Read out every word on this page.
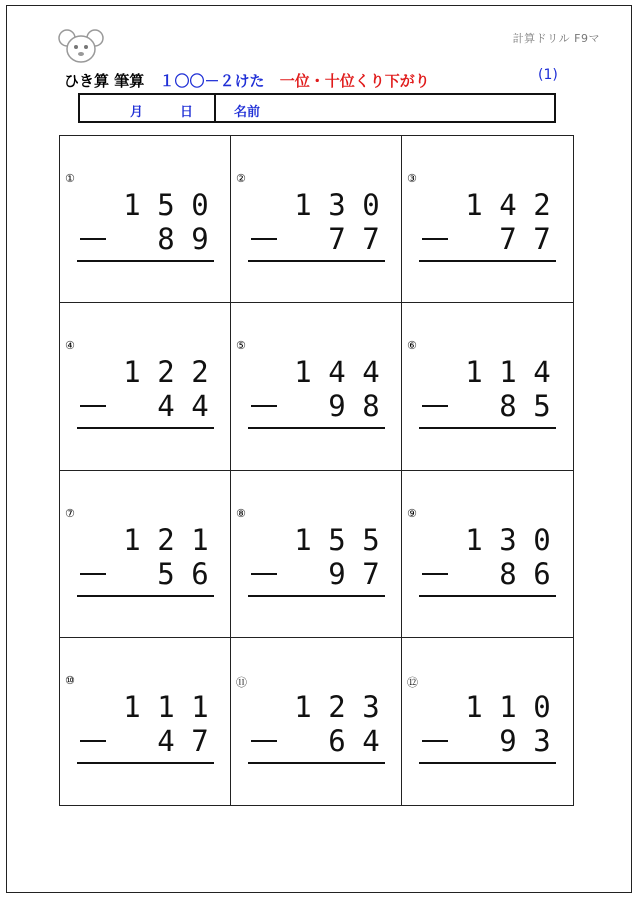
計算ドリル F9マ
ひき算 筆算 １〇〇－２けた 一位・十位くり下がり	(1)
月	日	名前
①
1 5 0
8 9
②
1 3 0
7 7
③
1 4 2
7 7
④
1 2 2
4 4
⑤
1 4 4
9 8
⑥
1 1 4
8 5
⑦
1 2 1
5 6
⑧
1 5 5
9 7
⑨
1 3 0
8 6
⑩
1 1 1
4 7
⑪
1 2 3
6 4
⑫
1 1 0
9 3
